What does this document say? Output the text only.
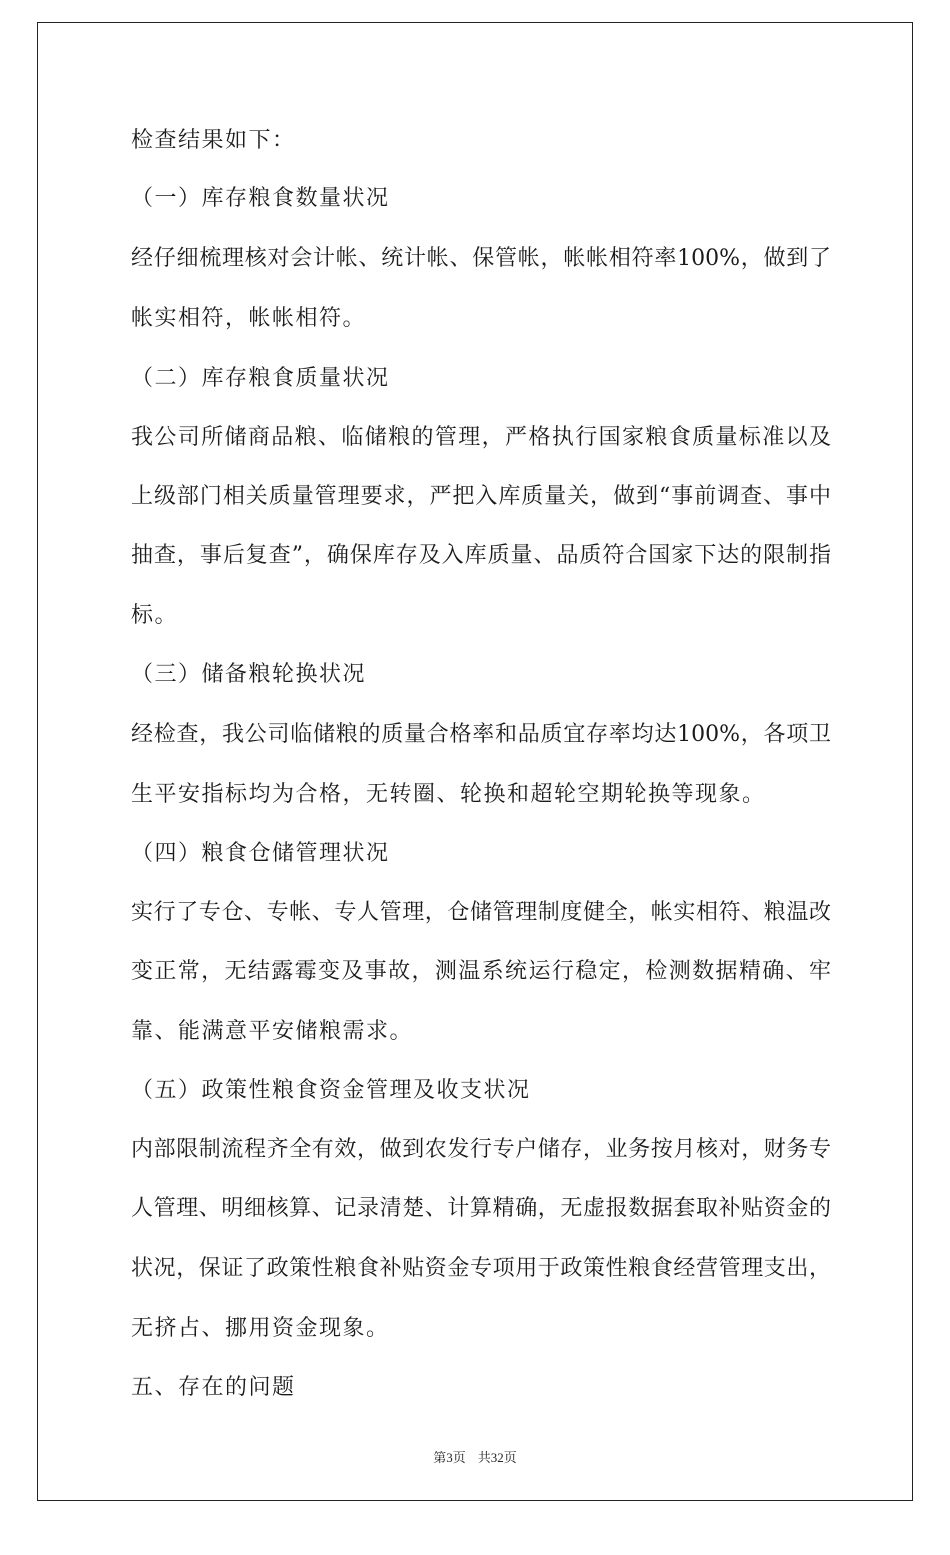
检查结果如下：
（一）库存粮食数量状况
经仔细梳理核对会计帐、统计帐、保管帐，帐帐相符率100%，做到了
帐实相符，帐帐相符。
（二）库存粮食质量状况
我公司所储商品粮、临储粮的管理，严格执行国家粮食质量标准以及
上级部门相关质量管理要求，严把入库质量关，做到“事前调查、事中
抽查，事后复查”，确保库存及入库质量、品质符合国家下达的限制指
标。
（三）储备粮轮换状况
经检查，我公司临储粮的质量合格率和品质宜存率均达100%，各项卫
生平安指标均为合格，无转圈、轮换和超轮空期轮换等现象。
（四）粮食仓储管理状况
实行了专仓、专帐、专人管理，仓储管理制度健全，帐实相符、粮温改
变正常，无结露霉变及事故，测温系统运行稳定，检测数据精确、牢
靠、能满意平安储粮需求。
（五）政策性粮食资金管理及收支状况
内部限制流程齐全有效，做到农发行专户储存，业务按月核对，财务专
人管理、明细核算、记录清楚、计算精确，无虚报数据套取补贴资金的
状况，保证了政策性粮食补贴资金专项用于政策性粮食经营管理支出，
无挤占、挪用资金现象。
五、存在的问题
第3页 共32页
